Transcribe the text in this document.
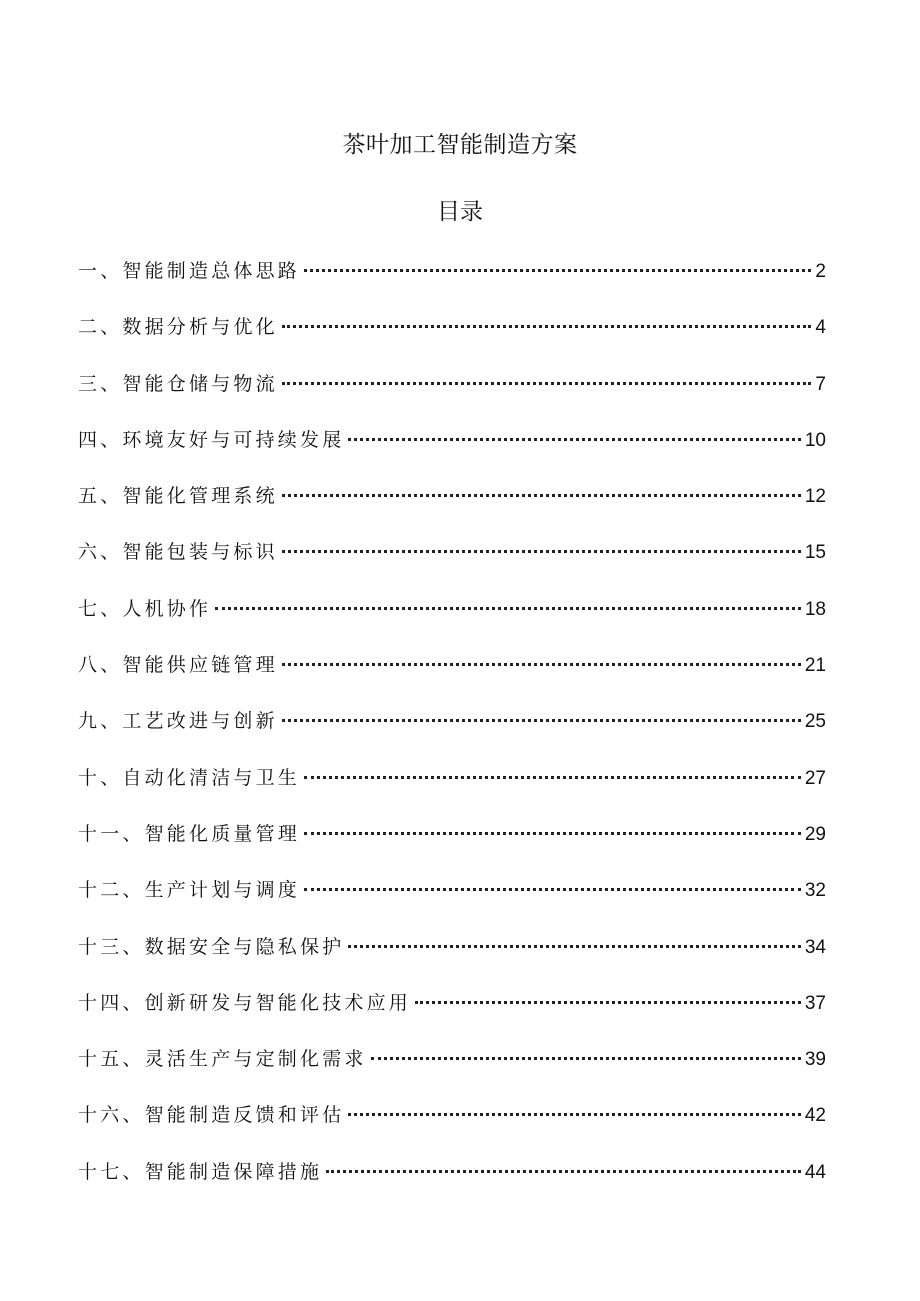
茶叶加工智能制造方案
目录
一、智能制造总体思路	2
二、数据分析与优化	4
三、智能仓储与物流	7
四、环境友好与可持续发展	10
五、智能化管理系统	12
六、智能包装与标识	15
七、人机协作	18
八、智能供应链管理	21
九、工艺改进与创新	25
十、自动化清洁与卫生	27
十一、智能化质量管理	29
十二、生产计划与调度	32
十三、数据安全与隐私保护	34
十四、创新研发与智能化技术应用	37
十五、灵活生产与定制化需求	39
十六、智能制造反馈和评估	42
十七、智能制造保障措施	44
